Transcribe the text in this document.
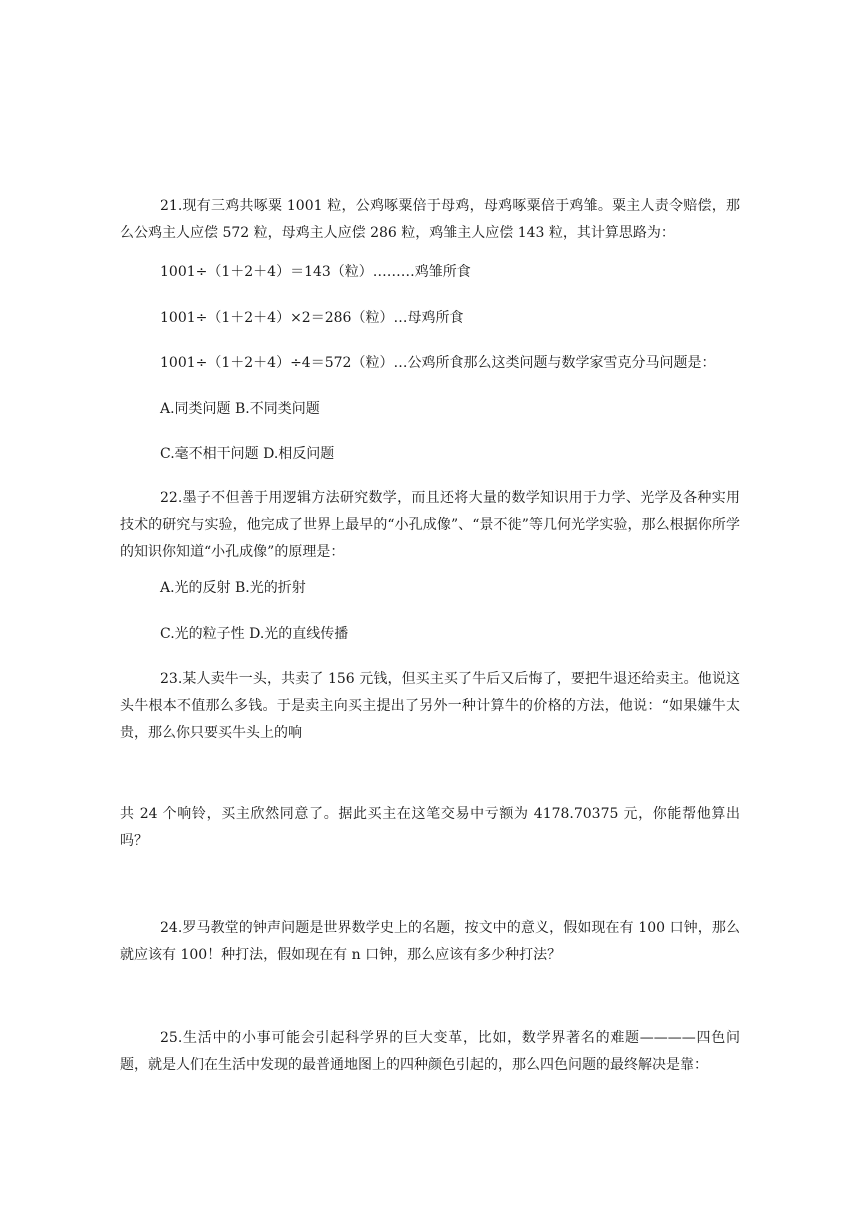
21.现有三鸡共啄粟 1001 粒，公鸡啄粟倍于母鸡，母鸡啄粟倍于鸡雏。粟主人责令赔偿，那么公鸡主人应偿 572 粒，母鸡主人应偿 286 粒，鸡雏主人应偿 143 粒，其计算思路为：

1001÷（1＋2＋4）＝143（粒）………鸡雏所食

1001÷（1＋2＋4）×2＝286（粒）…母鸡所食

1001÷（1＋2＋4）÷4＝572（粒）…公鸡所食那么这类问题与数学家雪克分马问题是：

A.同类问题 B.不同类问题

C.毫不相干问题 D.相反问题

22.墨子不但善于用逻辑方法研究数学，而且还将大量的数学知识用于力学、光学及各种实用技术的研究与实验，他完成了世界上最早的“小孔成像”、“景不徙”等几何光学实验，那么根据你所学的知识你知道“小孔成像”的原理是：

A.光的反射 B.光的折射

C.光的粒子性 D.光的直线传播

23.某人卖牛一头，共卖了 156 元钱，但买主买了牛后又后悔了，要把牛退还给卖主。他说这头牛根本不值那么多钱。于是卖主向买主提出了另外一种计算牛的价格的方法，他说：“如果嫌牛太贵，那么你只要买牛头上的响

共 24 个响铃，买主欣然同意了。据此买主在这笔交易中亏额为 4178.70375 元，你能帮他算出吗？

24.罗马教堂的钟声问题是世界数学史上的名题，按文中的意义，假如现在有 100 口钟，那么就应该有 100！种打法，假如现在有 n 口钟，那么应该有多少种打法？

25.生活中的小事可能会引起科学界的巨大变革，比如，数学界著名的难题————四色问题，就是人们在生活中发现的最普通地图上的四种颜色引起的，那么四色问题的最终解决是靠：
